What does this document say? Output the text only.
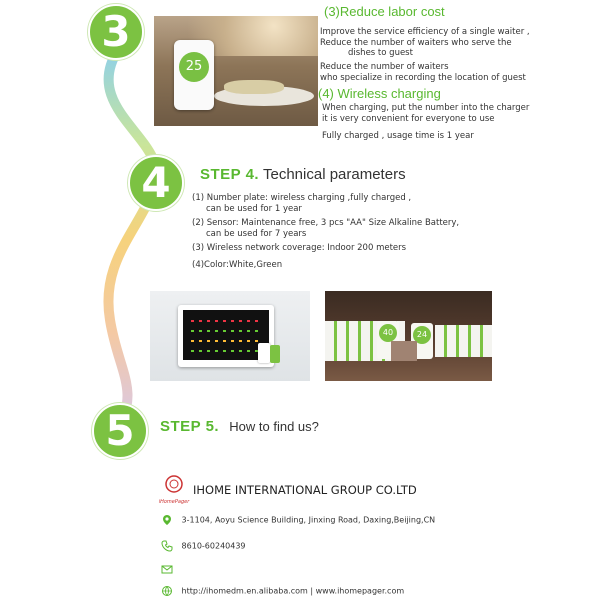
3
25
(3)Reduce labor cost
Improve the service efficiency of a single waiter ,
Reduce the number of waiters who serve the
dishes to guest
Reduce the number of waiters
who specialize in recording the location of guest
(4) Wireless charging
When charging, put the number into the charger
it is very convenient for everyone to use
Fully charged , usage time is 1 year
4	STEP 4. Technical parameters
(1) Number plate: wireless charging ,fully charged ,
can be used for 1 year
(2) Sensor: Maintenance free, 3 pcs "AA" Size Alkaline Battery,
can be used for 7 years
(3) Wireless network coverage: Indoor 200 meters
(4)Color:White,Green
40	24
5	STEP 5. How to find us?
iHomePager
IHOME INTERNATIONAL GROUP CO.LTD
3-1104, Aoyu Science Building, Jinxing Road, Daxing,Beijing,CN
8610-60240439
http://ihomedm.en.alibaba.com | www.ihomepager.com
